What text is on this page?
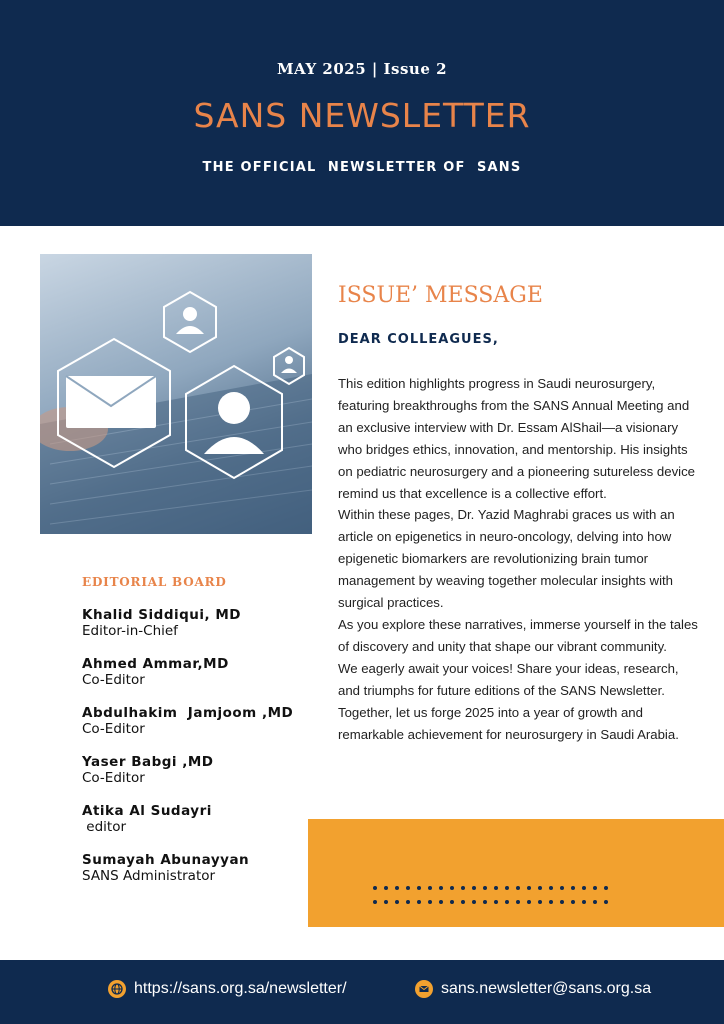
MAY 2025 | Issue 2
SANS NEWSLETTER
THE OFFICIAL  NEWSLETTER OF  SANS
ISSUE’ MESSAGE
DEAR COLLEAGUES,

This edition highlights progress in Saudi neurosurgery, featuring breakthroughs from the SANS Annual Meeting and an exclusive interview with Dr. Essam AlShail—a visionary who bridges ethics, innovation, and mentorship. His insights on pediatric neurosurgery and a pioneering sutureless device remind us that excellence is a collective effort.

Within these pages, Dr. Yazid Maghrabi graces us with an article on epigenetics in neuro-oncology, delving into how epigenetic biomarkers are revolutionizing brain tumor management by weaving together molecular insights with surgical practices.

As you explore these narratives, immerse yourself in the tales of discovery and unity that shape our vibrant community.

We eagerly await your voices! Share your ideas, research, and triumphs for future editions of the SANS Newsletter. Together, let us forge 2025 into a year of growth and remarkable achievement for neurosurgery in Saudi Arabia.

EDITORIAL BOARD
Khalid Siddiqui, MD
Editor-in-Chief
Ahmed Ammar,MD
Co-Editor
Abdulhakim  Jamjoom ,MD
Co-Editor
Yaser Babgi ,MD
Co-Editor
Atika Al Sudayri
editor
Sumayah Abunayyan
SANS Administrator
https://sans.org.sa/newsletter/	sans.newsletter@sans.org.sa
